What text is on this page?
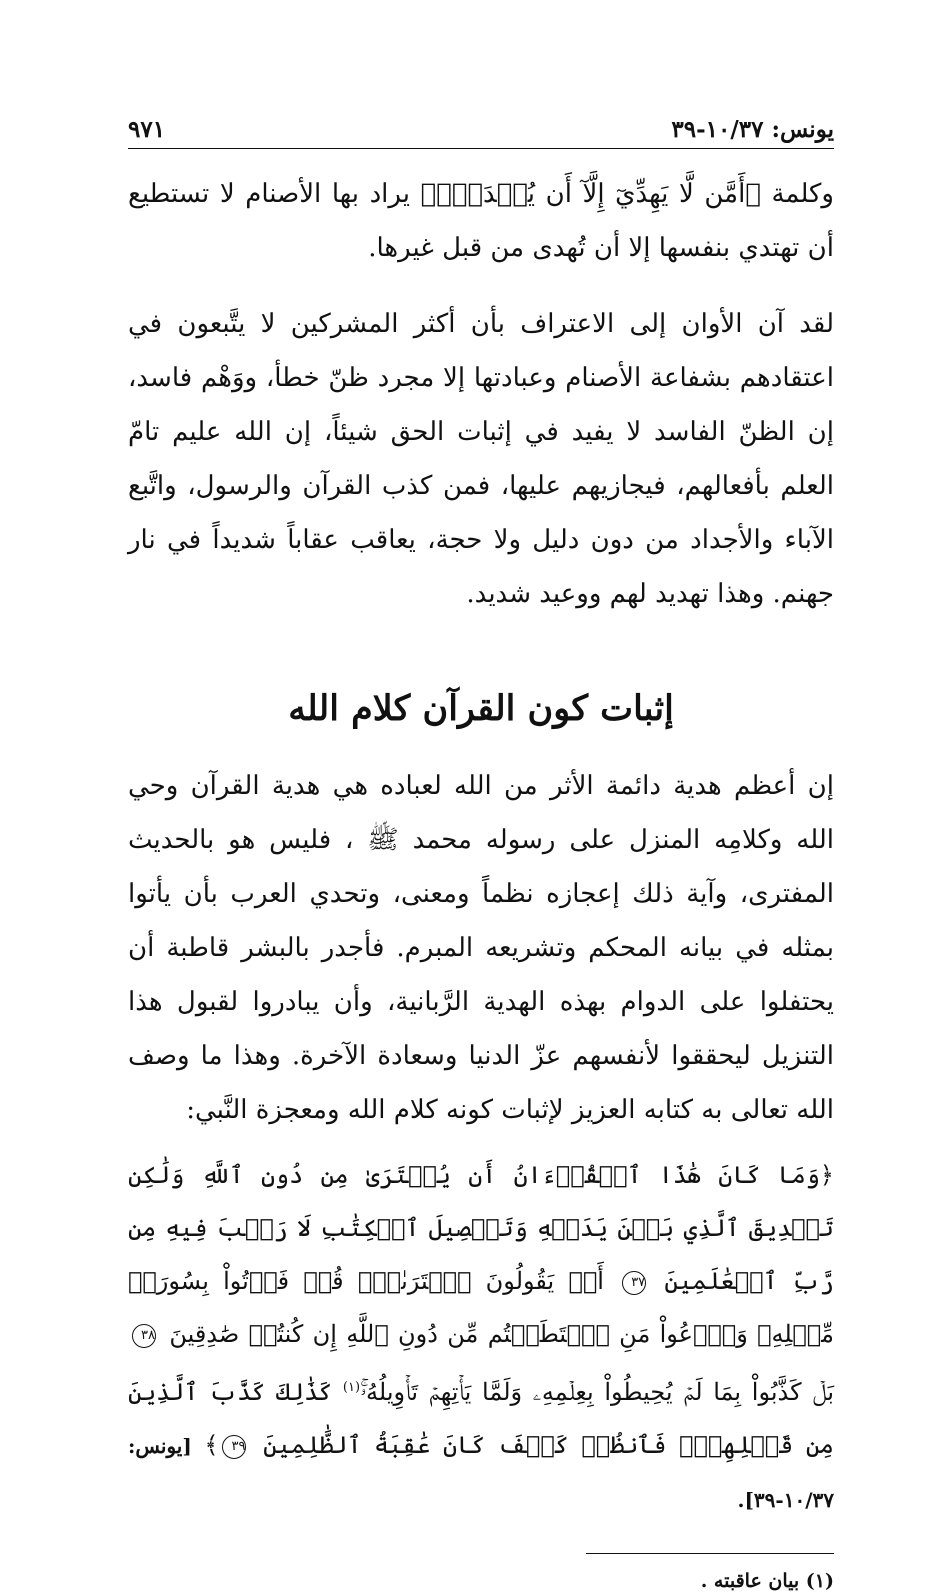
يونس: ١٠/٣٧-٣٩
٩٧١

وكلمة ﴿أَمَّن لَّا يَهِدِّيٓ إِلَّآ أَن يُهۡدَىٰۖ﴾ يراد بها الأصنام لا تستطيع أن تهتدي بنفسها إلا أن تُهدى من قبل غيرها.

لقد آن الأوان إلى الاعتراف بأن أكثر المشركين لا يتَّبعون في اعتقادهم بشفاعة الأصنام وعبادتها إلا مجرد ظنّ خطأ، ووَهْم فاسد، إن الظنّ الفاسد لا يفيد في إثبات الحق شيئاً، إن الله عليم تامّ العلم بأفعالهم، فيجازيهم عليها، فمن كذب القرآن والرسول، واتَّبع الآباء والأجداد من دون دليل ولا حجة، يعاقب عقاباً شديداً في نار جهنم. وهذا تهديد لهم ووعيد شديد.

إثبات كون القرآن كلام الله

إن أعظم هدية دائمة الأثر من الله لعباده هي هدية القرآن وحي الله وكلامِه المنزل على رسوله محمد ﷺ ، فليس هو بالحديث المفترى، وآية ذلك إعجازه نظماً ومعنى، وتحدي العرب بأن يأتوا بمثله في بيانه المحكم وتشريعه المبرم. فأجدر بالبشر قاطبة أن يحتفلوا على الدوام بهذه الهدية الرَّبانية، وأن يبادروا لقبول هذا التنزيل ليحققوا لأنفسهم عزّ الدنيا وسعادة الآخرة. وهذا ما وصف الله تعالى به كتابه العزيز لإثبات كونه كلام الله ومعجزة النَّبي:

﴿وَمَا كَانَ هَٰذَا ٱلۡقُرۡءَانُ أَن يُفۡتَرَىٰ مِن دُونِ ٱللَّهِ وَلَٰكِن تَصۡدِيقَ ٱلَّذِي بَيۡنَ يَدَيۡهِ وَتَفۡصِيلَ ٱلۡكِتَٰبِ لَا رَيۡبَ فِيهِ مِن رَّبِّ ٱلۡعَٰلَمِينَ ٣٧ أَمۡ يَقُولُونَ ٱفۡتَرَىٰهُۖ قُلۡ فَأۡتُواْ بِسُورَةٖ مِّثۡلِهِۦ وَٱدۡعُواْ مَنِ ٱسۡتَطَعۡتُم مِّن دُونِ ٱللَّهِ إِن كُنتُمۡ صَٰدِقِينَ ٣٨ بَلۡ كَذَّبُواْ بِمَا لَمۡ يُحِيطُواْ بِعِلۡمِهِۦ وَلَمَّا يَأۡتِهِمۡ تَأۡوِيلُهُۥۚ$^{(١)}$ كَذَٰلِكَ كَذَّبَ ٱلَّذِينَ مِن قَبۡلِهِمۡۖ فَٱنظُرۡ كَيۡفَ كَانَ عَٰقِبَةُ ٱلظَّٰلِمِينَ ٣٩﴾ [يونس: ١٠/٣٧-٣٩].

(١) بيان عاقبته .
